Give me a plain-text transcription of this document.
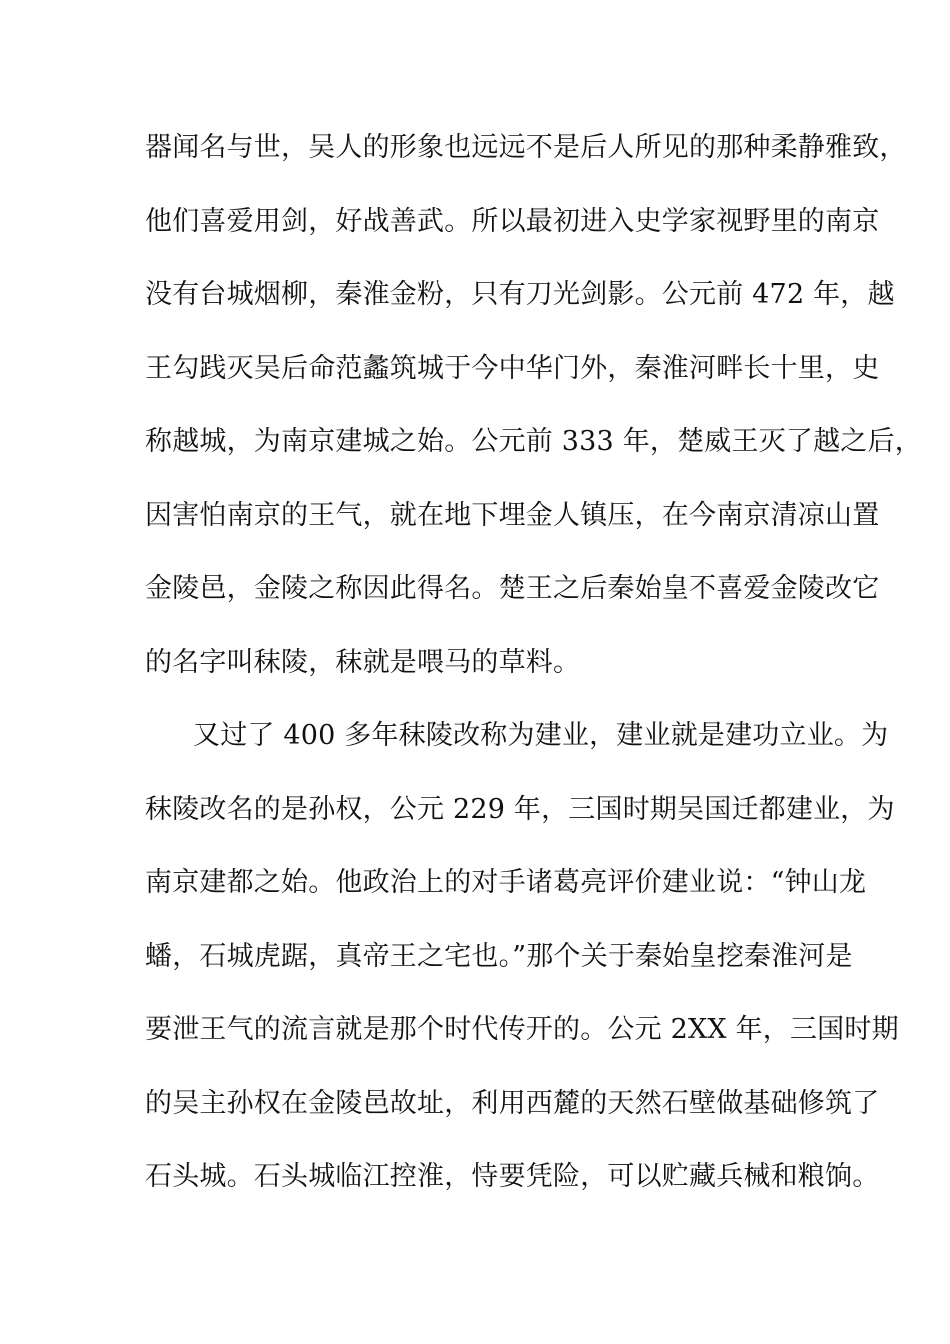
器闻名与世，吴人的形象也远远不是后人所见的那种柔静雅致，
他们喜爱用剑，好战善武。所以最初进入史学家视野里的南京
没有台城烟柳，秦淮金粉，只有刀光剑影。公元前 472 年，越
王勾践灭吴后命范蠡筑城于今中华门外，秦淮河畔长十里，史
称越城，为南京建城之始。公元前 333 年，楚威王灭了越之后，
因害怕南京的王气，就在地下埋金人镇压，在今南京清凉山置
金陵邑，金陵之称因此得名。楚王之后秦始皇不喜爱金陵改它
的名字叫秣陵，秣就是喂马的草料。
又过了 400 多年秣陵改称为建业，建业就是建功立业。为
秣陵改名的是孙权，公元 229 年，三国时期吴国迁都建业，为
南京建都之始。他政治上的对手诸葛亮评价建业说：“钟山龙
蟠，石城虎踞，真帝王之宅也。”那个关于秦始皇挖秦淮河是
要泄王气的流言就是那个时代传开的。公元 2XX 年，三国时期
的吴主孙权在金陵邑故址，利用西麓的天然石壁做基础修筑了
石头城。石头城临江控淮，恃要凭险，可以贮藏兵械和粮饷。
